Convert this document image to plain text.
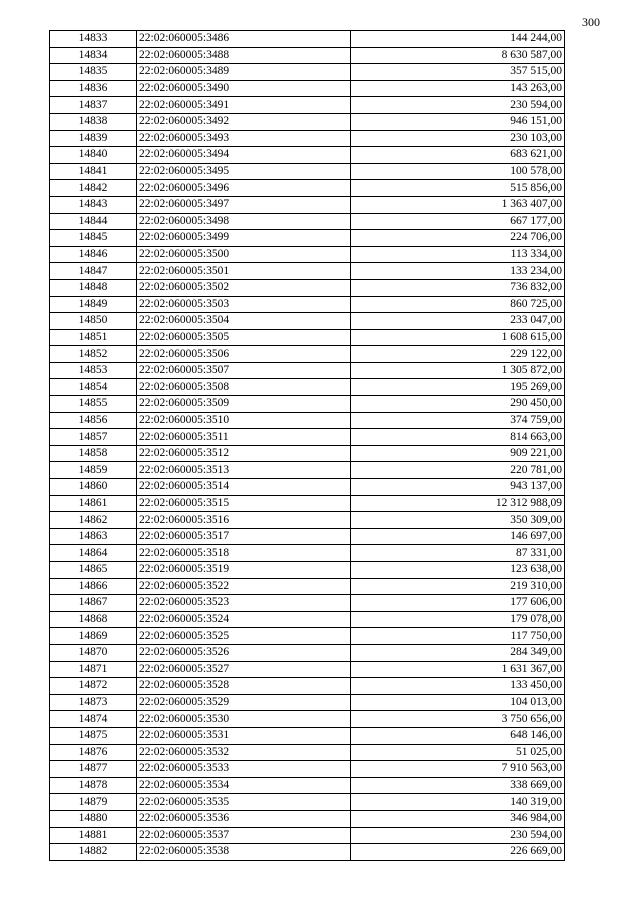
300
14833	22:02:060005:3486	144 244,00
14834	22:02:060005:3488	8 630 587,00
14835	22:02:060005:3489	357 515,00
14836	22:02:060005:3490	143 263,00
14837	22:02:060005:3491	230 594,00
14838	22:02:060005:3492	946 151,00
14839	22:02:060005:3493	230 103,00
14840	22:02:060005:3494	683 621,00
14841	22:02:060005:3495	100 578,00
14842	22:02:060005:3496	515 856,00
14843	22:02:060005:3497	1 363 407,00
14844	22:02:060005:3498	667 177,00
14845	22:02:060005:3499	224 706,00
14846	22:02:060005:3500	113 334,00
14847	22:02:060005:3501	133 234,00
14848	22:02:060005:3502	736 832,00
14849	22:02:060005:3503	860 725,00
14850	22:02:060005:3504	233 047,00
14851	22:02:060005:3505	1 608 615,00
14852	22:02:060005:3506	229 122,00
14853	22:02:060005:3507	1 305 872,00
14854	22:02:060005:3508	195 269,00
14855	22:02:060005:3509	290 450,00
14856	22:02:060005:3510	374 759,00
14857	22:02:060005:3511	814 663,00
14858	22:02:060005:3512	909 221,00
14859	22:02:060005:3513	220 781,00
14860	22:02:060005:3514	943 137,00
14861	22:02:060005:3515	12 312 988,09
14862	22:02:060005:3516	350 309,00
14863	22:02:060005:3517	146 697,00
14864	22:02:060005:3518	87 331,00
14865	22:02:060005:3519	123 638,00
14866	22:02:060005:3522	219 310,00
14867	22:02:060005:3523	177 606,00
14868	22:02:060005:3524	179 078,00
14869	22:02:060005:3525	117 750,00
14870	22:02:060005:3526	284 349,00
14871	22:02:060005:3527	1 631 367,00
14872	22:02:060005:3528	133 450,00
14873	22:02:060005:3529	104 013,00
14874	22:02:060005:3530	3 750 656,00
14875	22:02:060005:3531	648 146,00
14876	22:02:060005:3532	51 025,00
14877	22:02:060005:3533	7 910 563,00
14878	22:02:060005:3534	338 669,00
14879	22:02:060005:3535	140 319,00
14880	22:02:060005:3536	346 984,00
14881	22:02:060005:3537	230 594,00
14882	22:02:060005:3538	226 669,00
